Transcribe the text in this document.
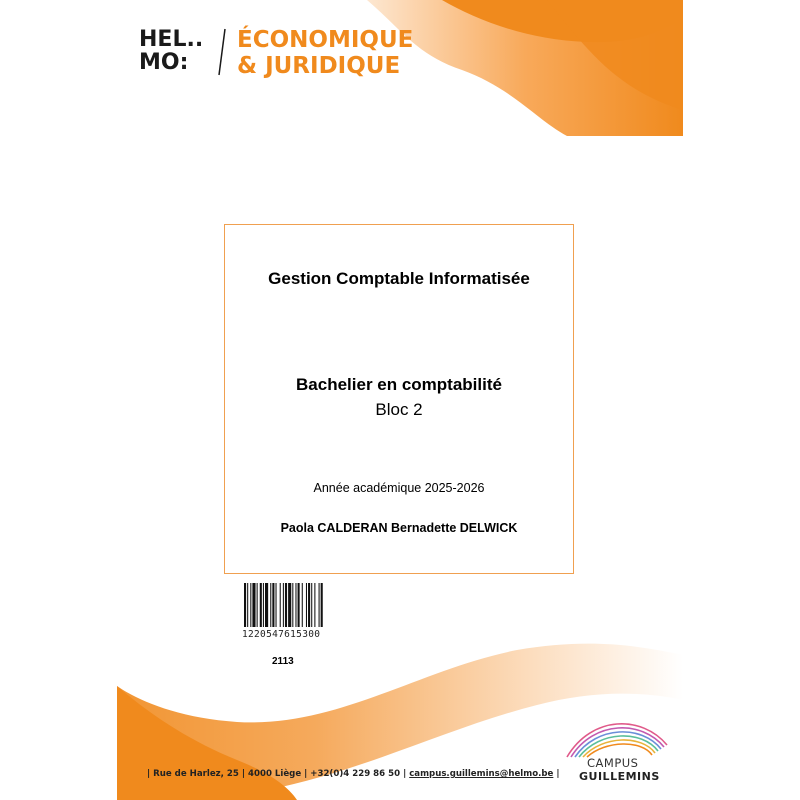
HEL..
MO:
ÉCONOMIQUE
& JURIDIQUE
Gestion Comptable Informatisée
Bachelier en comptabilité
Bloc 2
Année académique 2025-2026
Paola CALDERAN Bernadette DELWICK
1220547615300
2113
| Rue de Harlez, 25 | 4000 Liège | +32(0)4 229 86 50 | campus.guillemins@helmo.be |
CAMPUS
GUILLEMINS
